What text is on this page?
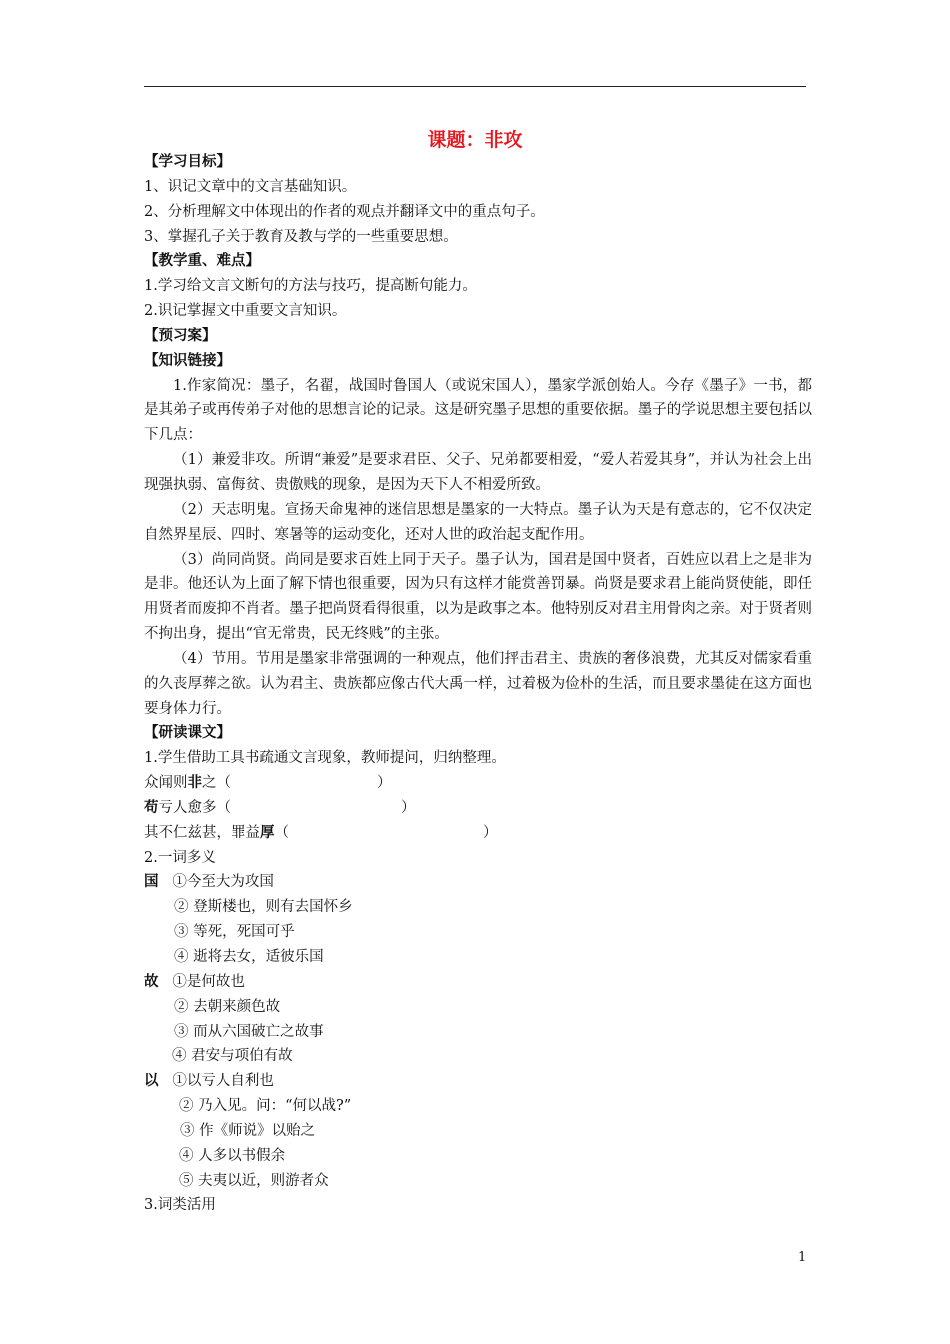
课题：非攻
【学习目标】
1、识记文章中的文言基础知识。
2、分析理解文中体现出的作者的观点并翻译文中的重点句子。
3、掌握孔子关于教育及教与学的一些重要思想。
【教学重、难点】
1.学习给文言文断句的方法与技巧，提高断句能力。
2.识记掌握文中重要文言知识。
【预习案】
【知识链接】
1.作家简况：墨子，名翟，战国时鲁国人（或说宋国人），墨家学派创始人。今存《墨子》一书，都是其弟子或再传弟子对他的思想言论的记录。这是研究墨子思想的重要依据。墨子的学说思想主要包括以下几点：
（1）兼爱非攻。所谓“兼爱”是要求君臣、父子、兄弟都要相爱，“爱人若爱其身”，并认为社会上出现强执弱、富侮贫、贵傲贱的现象，是因为天下人不相爱所致。
（2）天志明鬼。宣扬天命鬼神的迷信思想是墨家的一大特点。墨子认为天是有意志的，它不仅决定自然界星辰、四时、寒暑等的运动变化，还对人世的政治起支配作用。
（3）尚同尚贤。尚同是要求百姓上同于天子。墨子认为，国君是国中贤者，百姓应以君上之是非为是非。他还认为上面了解下情也很重要，因为只有这样才能赏善罚暴。尚贤是要求君上能尚贤使能，即任用贤者而废抑不肖者。墨子把尚贤看得很重，以为是政事之本。他特别反对君主用骨肉之亲。对于贤者则不拘出身，提出“官无常贵，民无终贱”的主张。
（4）节用。节用是墨家非常强调的一种观点，他们抨击君主、贵族的奢侈浪费，尤其反对儒家看重的久丧厚葬之欲。认为君主、贵族都应像古代大禹一样，过着极为俭朴的生活，而且要求墨徒在这方面也要身体力行。
【研读课文】
1.学生借助工具书疏通文言现象，教师提问，归纳整理。
众闻则非之（	）
苟亏人愈多（	）
其不仁兹甚，罪益厚（	）
2.一词多义
国 ①今至大为攻国
② 登斯楼也，则有去国怀乡
③ 等死，死国可乎
④ 逝将去女，适彼乐国
故 ①是何故也
② 去朝来颜色故
③ 而从六国破亡之故事
④ 君安与项伯有故
以 ①以亏人自利也
② 乃入见。问：“何以战?”
③ 作《师说》以贻之
④ 人多以书假余
⑤ 夫夷以近，则游者众
3.词类活用
1
